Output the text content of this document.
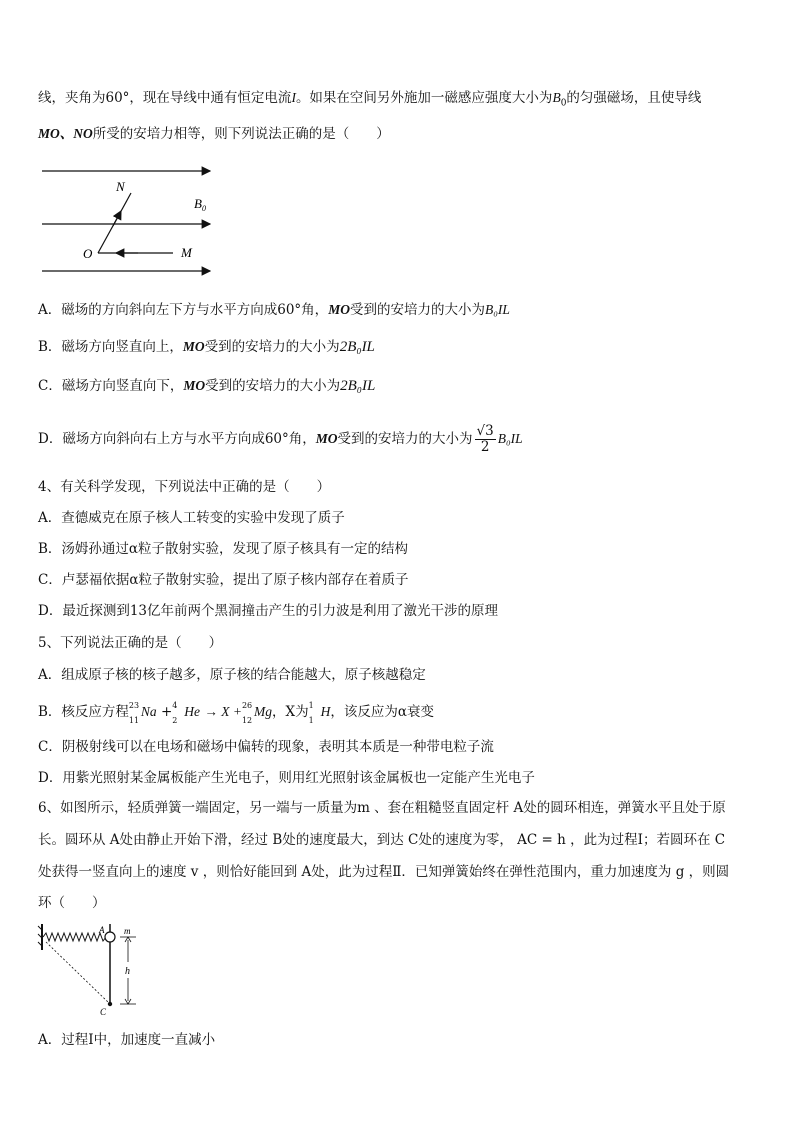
线，夹角为60°，现在导线中通有恒定电流I。如果在空间另外施加一磁感应强度大小为$B_0$的匀强磁场，且使导线
MO、NO所受的安培力相等，则下列说法正确的是（　　）
N
$B_0$
O	M
A．磁场的方向斜向左下方与水平方向成60°角，MO受到的安培力的大小为B₀IL
B．磁场方向竖直向上，MO受到的安培力的大小为2B₀IL
C．磁场方向竖直向下，MO受到的安培力的大小为2B₀IL
D．磁场方向斜向右上方与水平方向成60°角，MO受到的安培力的大小为 $\frac{√3}{2} B_0IL$
4、有关科学发现，下列说法中正确的是（　　）
A．查德威克在原子核人工转变的实验中发现了质子
B．汤姆孙通过α粒子散射实验，发现了原子核具有一定的结构
C．卢瑟福依据α粒子散射实验，提出了原子核内部存在着质子
D．最近探测到13亿年前两个黑洞撞击产生的引力波是利用了激光干涉的原理
5、下列说法正确的是（　　）
A．组成原子核的核子越多，原子核的结合能越大，原子核越稳定
B．核反应方程 23
11
Na + 4
2
He → X + 26
12
Mg，X为 1
1
H，该反应为α衰变
C．阴极射线可以在电场和磁场中偏转的现象，表明其本质是一种带电粒子流
D．用紫光照射某金属板能产生光电子，则用红光照射该金属板也一定能产生光电子
6、如图所示，轻质弹簧一端固定，另一端与一质量为m 、套在粗糙竖直固定杆 A处的圆环相连，弹簧水平且处于原
长。圆环从 A处由静止开始下滑，经过 B处的速度最大，到达 C处的速度为零， AC = h ，此为过程Ⅰ；若圆环在 C
处获得一竖直向上的速度 v ，则恰好能回到 A处，此为过程Ⅱ．已知弹簧始终在弹性范围内，重力加速度为 g ，则圆
环（　　）
A m
h
C
A．过程Ⅰ中，加速度一直减小
